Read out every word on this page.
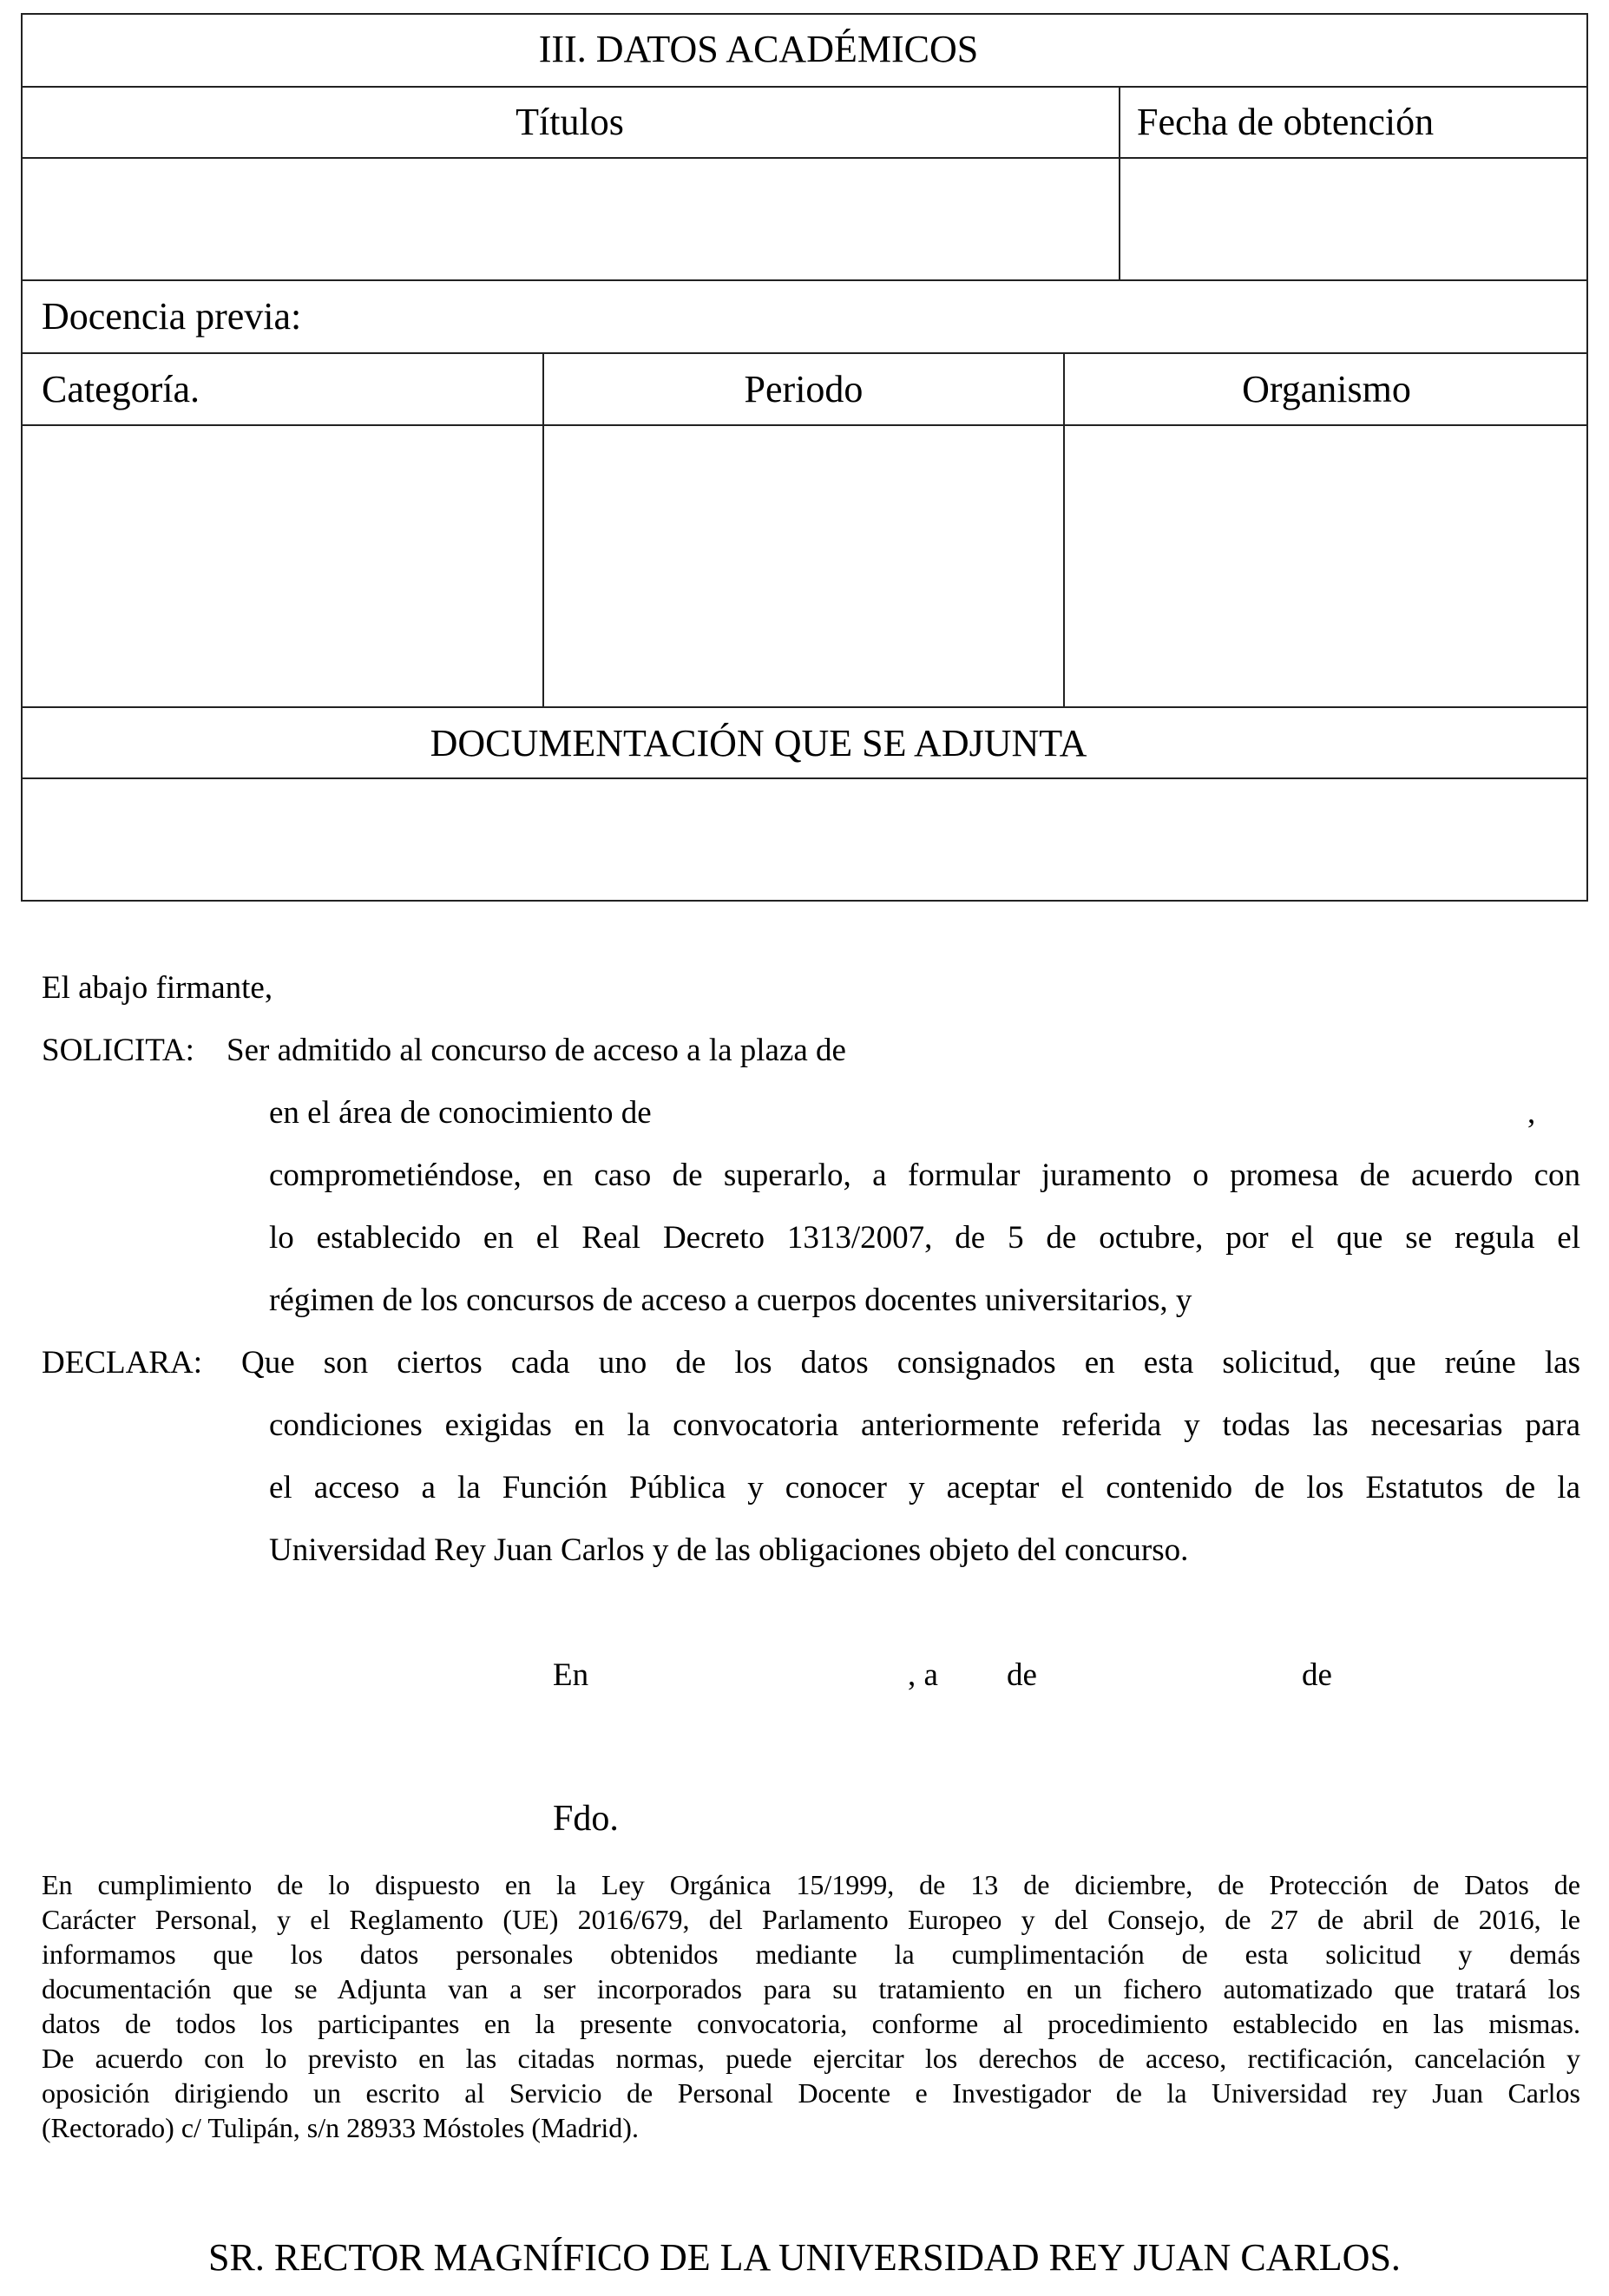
III. DATOS ACADÉMICOS
Títulos	Fecha de obtención
Docencia previa:
Categoría.	Periodo	Organismo
DOCUMENTACIÓN QUE SE ADJUNTA
El abajo firmante,
SOLICITA: Ser admitido al concurso de acceso a la plaza de
en el área de conocimiento de	,
comprometiéndose, en caso de superarlo, a formular juramento o promesa de acuerdo con
lo establecido en el Real Decreto 1313/2007, de 5 de octubre, por el que se regula el
régimen de los concursos de acceso a cuerpos docentes universitarios, y
DECLARA: Que son ciertos cada uno de los datos consignados en esta solicitud, que reúne las
condiciones exigidas en la convocatoria anteriormente referida y todas las necesarias para
el acceso a la Función Pública y conocer y aceptar el contenido de los Estatutos de la
Universidad Rey Juan Carlos y de las obligaciones objeto del concurso.
En	, a de	de
Fdo.
En cumplimiento de lo dispuesto en la Ley Orgánica 15/1999, de 13 de diciembre, de Protección de Datos de
Carácter Personal, y el Reglamento (UE) 2016/679, del Parlamento Europeo y del Consejo, de 27 de abril de 2016, le
informamos que los datos personales obtenidos mediante la cumplimentación de esta solicitud y demás
documentación que se Adjunta van a ser incorporados para su tratamiento en un fichero automatizado que tratará los
datos de todos los participantes en la presente convocatoria, conforme al procedimiento establecido en las mismas.
De acuerdo con lo previsto en las citadas normas, puede ejercitar los derechos de acceso, rectificación, cancelación y
oposición dirigiendo un escrito al Servicio de Personal Docente e Investigador de la Universidad rey Juan Carlos
(Rectorado) c/ Tulipán, s/n 28933 Móstoles (Madrid).
SR. RECTOR MAGNÍFICO DE LA UNIVERSIDAD REY JUAN CARLOS.
